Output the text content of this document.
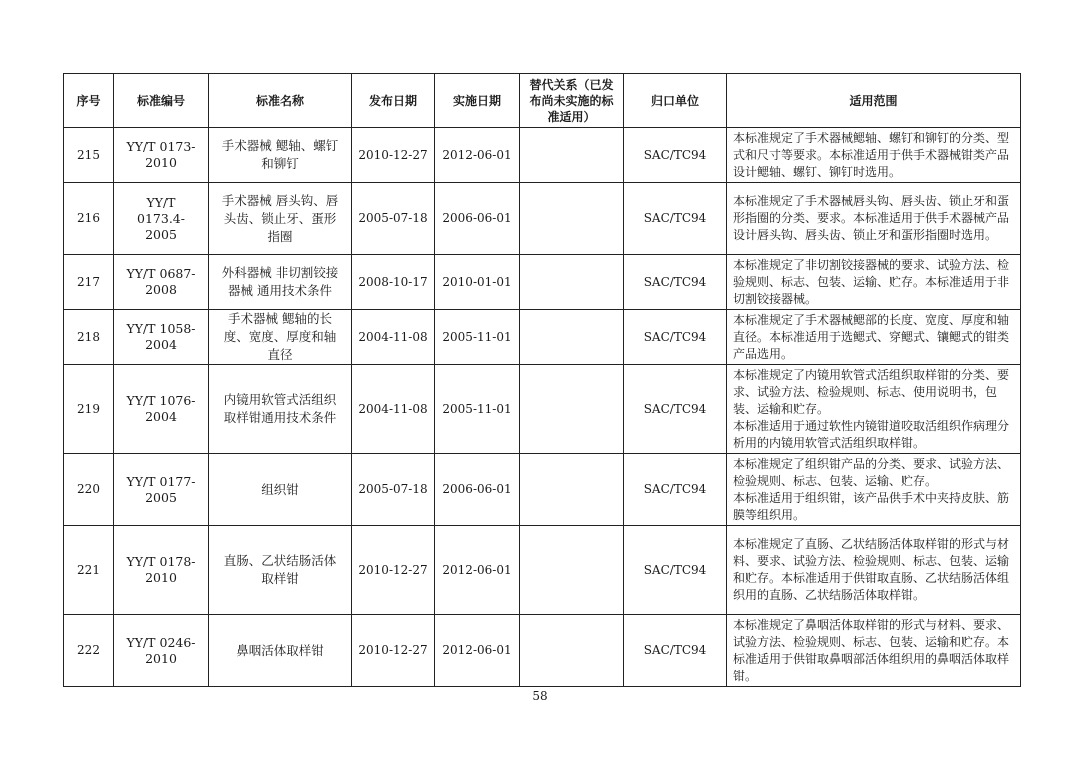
序号	标准编号	标准名称	发布日期	实施日期	替代关系（已发布尚未实施的标准适用）	归口单位	适用范围
215	YY/T 0173-2010	手术器械 鳃轴、螺钉和铆钉	2010-12-27	2012-06-01		SAC/TC94	本标准规定了手术器械鳃轴、螺钉和铆钉的分类、型式和尺寸等要求。本标准适用于供手术器械钳类产品设计鳃轴、螺钉、铆钉时选用。
216	YY/T 0173.4-2005	手术器械 唇头钩、唇头齿、锁止牙、蛋形指圈	2005-07-18	2006-06-01		SAC/TC94	本标准规定了手术器械唇头钩、唇头齿、锁止牙和蛋形指圈的分类、要求。本标准适用于供手术器械产品设计唇头钩、唇头齿、锁止牙和蛋形指圈时选用。
217	YY/T 0687-2008	外科器械 非切割铰接器械 通用技术条件	2008-10-17	2010-01-01		SAC/TC94	本标准规定了非切割铰接器械的要求、试验方法、检验规则、标志、包装、运输、贮存。本标准适用于非切割铰接器械。
218	YY/T 1058-2004	手术器械 鳃轴的长度、宽度、厚度和轴直径	2004-11-08	2005-11-01		SAC/TC94	本标准规定了手术器械鳃部的长度、宽度、厚度和轴直径。本标准适用于选鳃式、穿鳃式、镶鳃式的钳类产品选用。
219	YY/T 1076-2004	内镜用软管式活组织取样钳通用技术条件	2004-11-08	2005-11-01		SAC/TC94	本标准规定了内镜用软管式活组织取样钳的分类、要求、试验方法、检验规则、标志、使用说明书，包装、运输和贮存。
本标准适用于通过软性内镜钳道咬取活组织作病理分析用的内镜用软管式活组织取样钳。
220	YY/T 0177-2005	组织钳	2005-07-18	2006-06-01		SAC/TC94	本标准规定了组织钳产品的分类、要求、试验方法、检验规则、标志、包装、运输、贮存。
本标准适用于组织钳，该产品供手术中夹持皮肤、筋膜等组织用。
221	YY/T 0178-2010	直肠、乙状结肠活体取样钳	2010-12-27	2012-06-01		SAC/TC94	本标准规定了直肠、乙状结肠活体取样钳的形式与材料、要求、试验方法、检验规则、标志、包装、运输和贮存。本标准适用于供钳取直肠、乙状结肠活体组织用的直肠、乙状结肠活体取样钳。
222	YY/T 0246-2010	鼻咽活体取样钳	2010-12-27	2012-06-01		SAC/TC94	本标准规定了鼻咽活体取样钳的形式与材料、要求、试验方法、检验规则、标志、包装、运输和贮存。本标准适用于供钳取鼻咽部活体组织用的鼻咽活体取样钳。
58
